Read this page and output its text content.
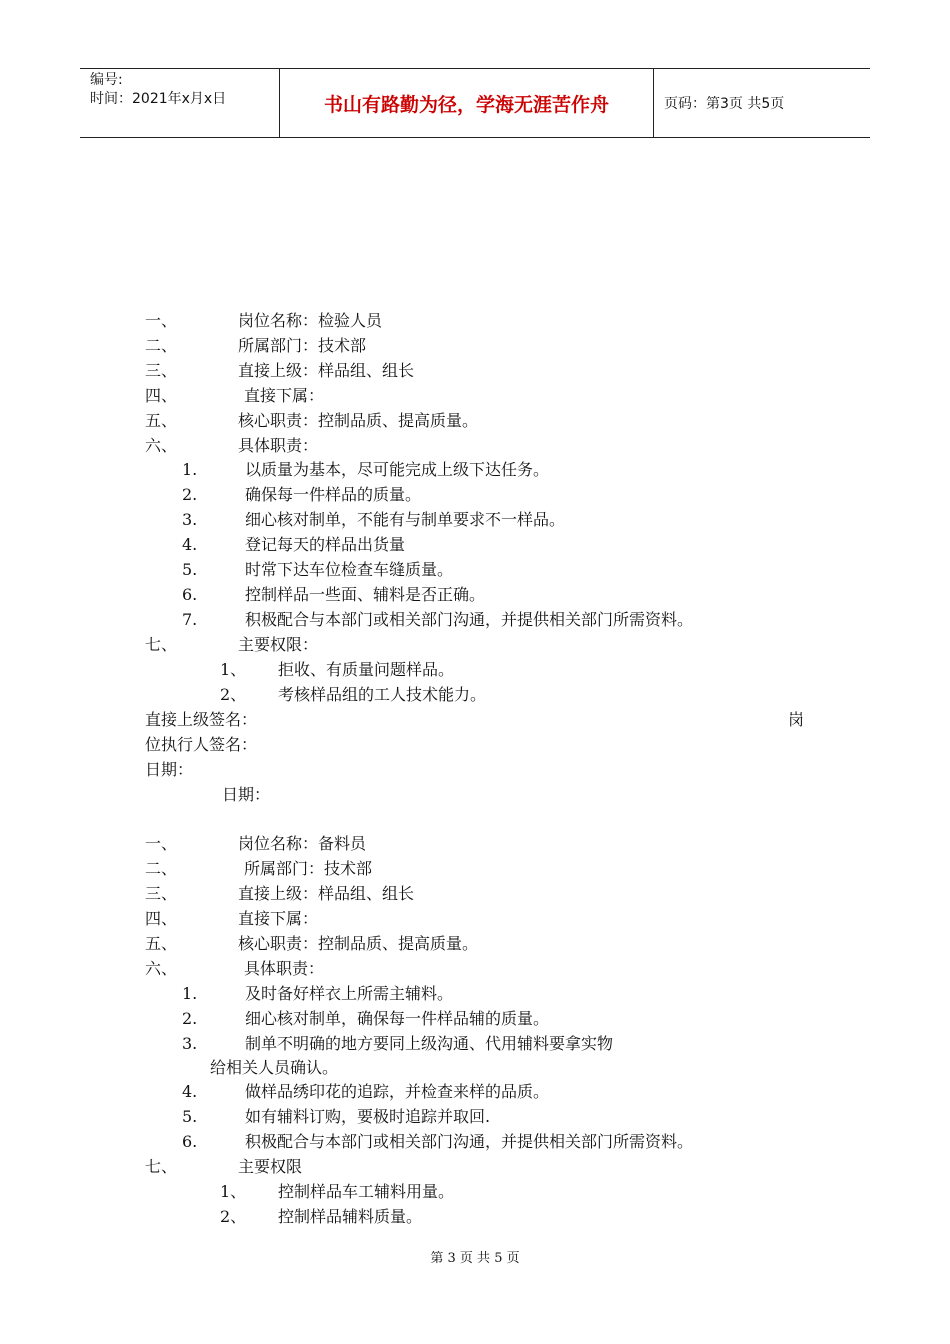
编号:
时间：2021年x月x日	书山有路勤为径，学海无涯苦作舟	页码：第3页 共5页
一、	岗位名称：检验人员
二、	所属部门：技术部
三、	直接上级：样品组、组长
四、	直接下属：
五、	核心职责：控制品质、提高质量。
六、	具体职责：
1.	以质量为基本，尽可能完成上级下达任务。
2.	确保每一件样品的质量。
3.	细心核对制单，不能有与制单要求不一样品。
4.	登记每天的样品出货量
5.	时常下达车位检查车缝质量。
6.	控制样品一些面、辅料是否正确。
7.	积极配合与本部门或相关部门沟通，并提供相关部门所需资料。
七、	主要权限：
1、 拒收、有质量问题样品。
2、 考核样品组的工人技术能力。
直接上级签名：	岗
位执行人签名：
日期：
日期：
一、	岗位名称：备料员
二、	所属部门：技术部
三、	直接上级：样品组、组长
四、	直接下属：
五、	核心职责：控制品质、提高质量。
六、	具体职责：
1.	及时备好样衣上所需主辅料。
2.	细心核对制单，确保每一件样品辅的质量。
3.	制单不明确的地方要同上级沟通、代用辅料要拿实物
给相关人员确认。
4.	做样品绣印花的追踪，并检查来样的品质。
5.	如有辅料订购，要极时追踪并取回.
6.	积极配合与本部门或相关部门沟通，并提供相关部门所需资料。
七、	主要权限
1、 控制样品车工辅料用量。
2、 控制样品辅料质量。
第 3 页 共 5 页
